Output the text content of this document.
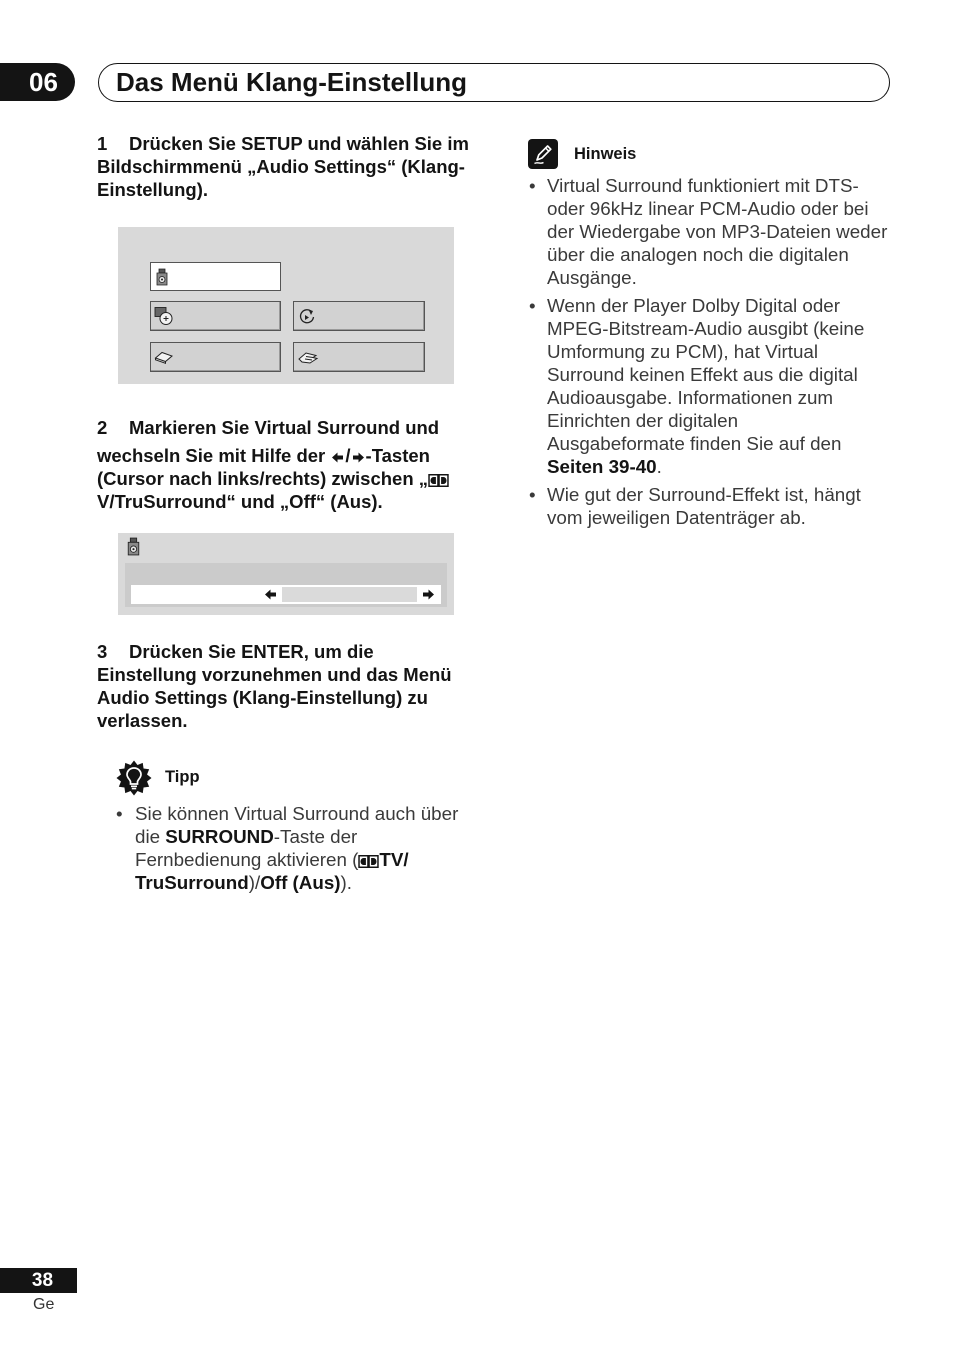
06	Das Menü Klang-Einstellung
1 Drücken Sie SETUP und wählen Sie im
Bildschirmmenü „Audio Settings“ (Klang-
Einstellung).
2 Markieren Sie Virtual Surround und
wechseln Sie mit Hilfe der / -Tasten
(Cursor nach links/rechts) zwischen „
V/TruSurround“ und „Off“ (Aus).
3 Drücken Sie ENTER, um die
Einstellung vorzunehmen und das Menü
Audio Settings (Klang-Einstellung) zu
verlassen.
Tipp
• Sie können Virtual Surround auch über
die SURROUND-Taste der
Fernbedienung aktivieren ( TV/
TruSurround)/Off (Aus)).
Hinweis
• Virtual Surround funktioniert mit DTS-
oder 96kHz linear PCM-Audio oder bei
der Wiedergabe von MP3-Dateien weder
über die analogen noch die digitalen
Ausgänge.
• Wenn der Player Dolby Digital oder
MPEG-Bitstream-Audio ausgibt (keine
Umformung zu PCM), hat Virtual
Surround keinen Effekt aus die digital
Audioausgabe. Informationen zum
Einrichten der digitalen
Ausgabeformate finden Sie auf den
Seiten 39-40.
• Wie gut der Surround-Effekt ist, hängt
vom jeweiligen Datenträger ab.
38
Ge
